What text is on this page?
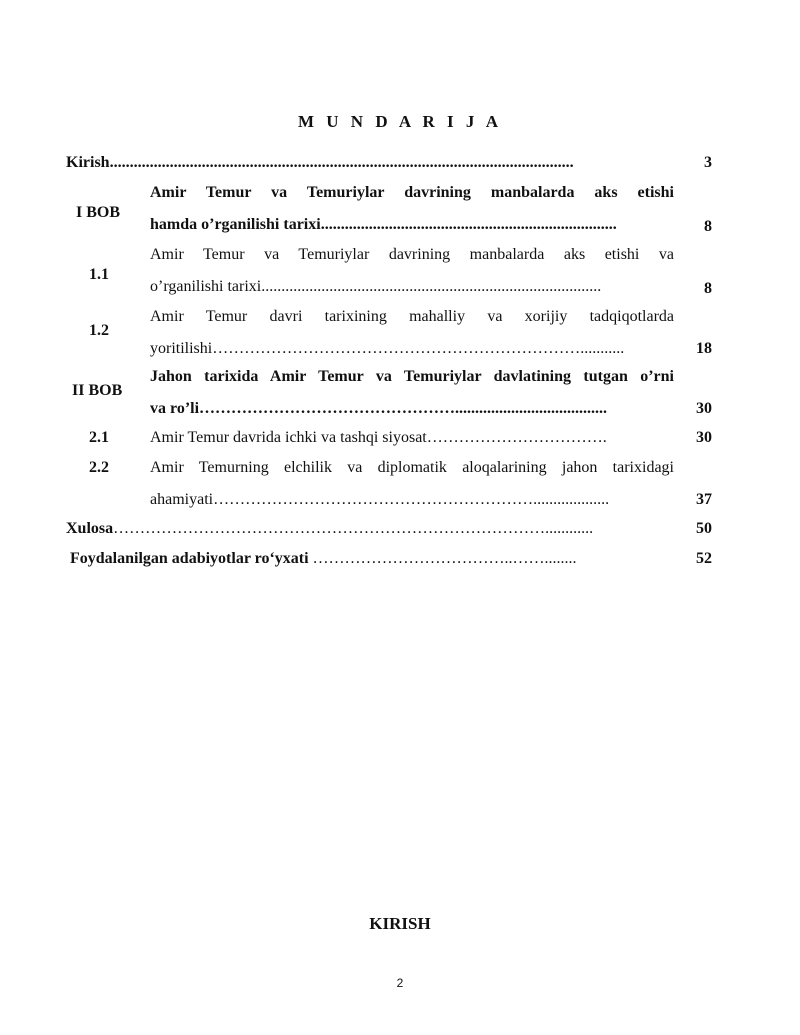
M U N D A R I J A
Kirish....................................................................................................................	3
I BOB
Amir Temur va Temuriylar davrining manbalarda aks etishi
hamda o’rganilishi tarixi..........................................................................	8
1.1
Amir Temur va Temuriylar davrining manbalarda aks etishi va
o’rganilishi tarixi.....................................................................................	8
1.2
Amir Temur davri tarixining mahalliy va xorijiy tadqiqotlarda
yoritilishi……………………………………………………………...........	18
II BOB
Jahon tarixida Amir Temur va Temuriylar davlatining tutgan o’rni
va ro’li…………………………………………......................................	30
2.1	Amir Temur davrida ichki va tashqi siyosat…………………………….	30
2.2	Amir Temurning elchilik va diplomatik aloqalarining jahon tarixidagi
ahamiyati……………………………………………………...................	37
Xulosa………………………………………………………………………............	50
Foydalanilgan adabiyotlar ro‘yxati ………………………………..……........	52
KIRISH
2
